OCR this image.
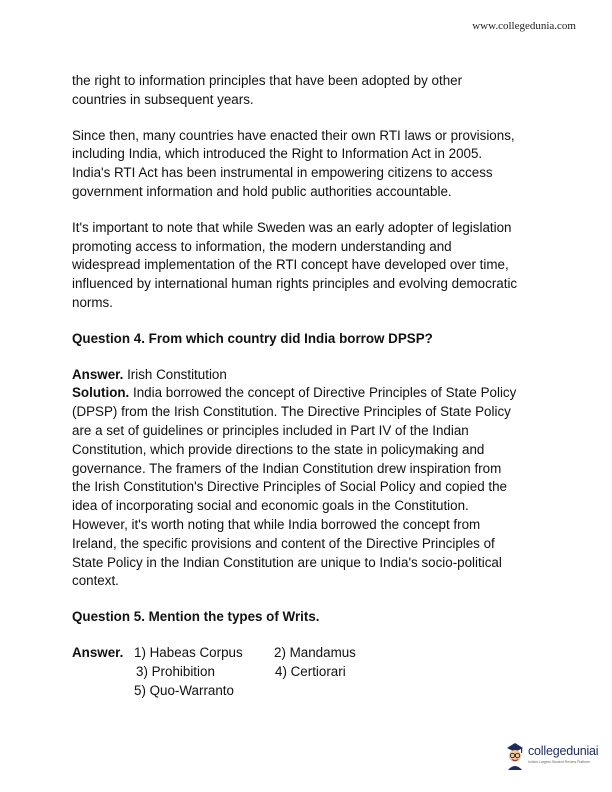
www.collegedunia.com

the right to information principles that have been adopted by other
countries in subsequent years.

Since then, many countries have enacted their own RTI laws or provisions,
including India, which introduced the Right to Information Act in 2005.
India's RTI Act has been instrumental in empowering citizens to access
government information and hold public authorities accountable.

It's important to note that while Sweden was an early adopter of legislation
promoting access to information, the modern understanding and
widespread implementation of the RTI concept have developed over time,
influenced by international human rights principles and evolving democratic
norms.

Question 4. From which country did India borrow DPSP?

Answer. Irish Constitution
Solution. India borrowed the concept of Directive Principles of State Policy
(DPSP) from the Irish Constitution. The Directive Principles of State Policy
are a set of guidelines or principles included in Part IV of the Indian
Constitution, which provide directions to the state in policymaking and
governance. The framers of the Indian Constitution drew inspiration from
the Irish Constitution's Directive Principles of Social Policy and copied the
idea of incorporating social and economic goals in the Constitution.
However, it's worth noting that while India borrowed the concept from
Ireland, the specific provisions and content of the Directive Principles of
State Policy in the Indian Constitution are unique to India's socio-political
context.

Question 5. Mention the types of Writs.

Answer. 1) Habeas Corpus 2) Mandamus
3) Prohibition	4) Certiorari
5) Quo-Warranto
collegeduniai
India's Largest Student Review Platform
